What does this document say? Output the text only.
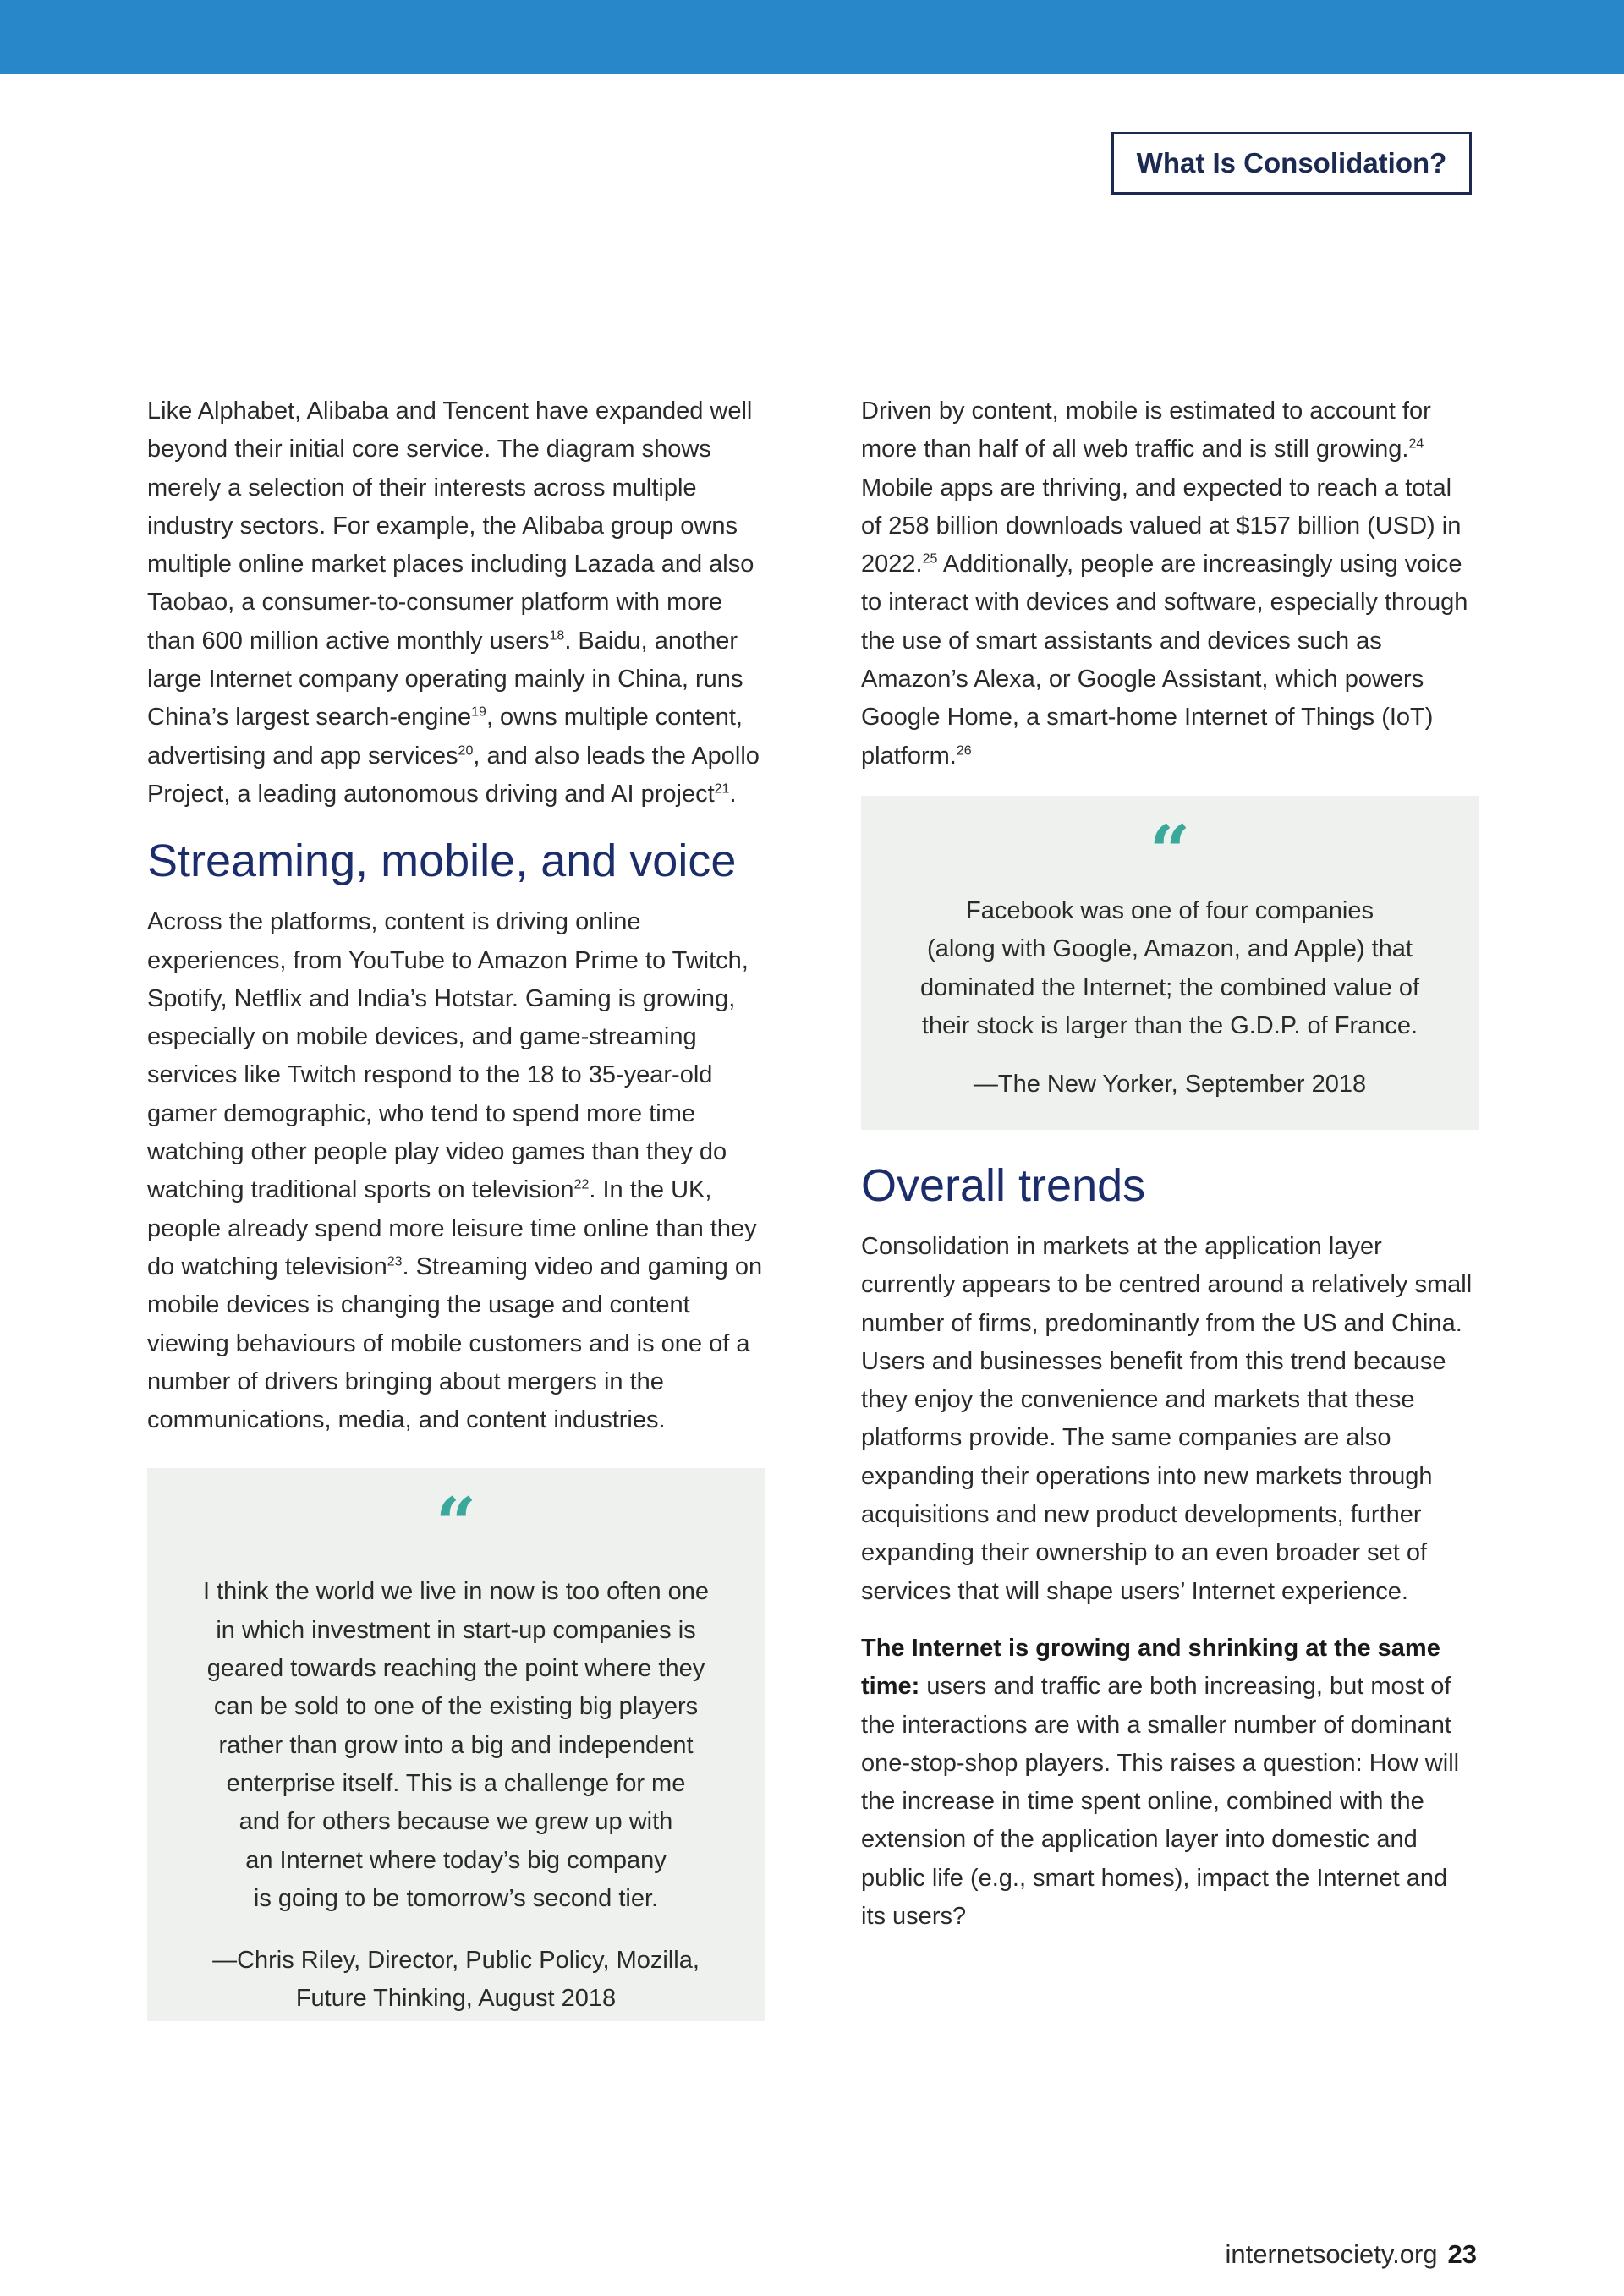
What Is Consolidation?

Like Alphabet, Alibaba and Tencent have expanded well beyond their initial core service. The diagram shows merely a selection of their interests across multiple industry sectors. For example, the Alibaba group owns multiple online market places including Lazada and also Taobao, a consumer-to-consumer platform with more than 600 million active monthly users$^{18}$. Baidu, another large Internet company operating mainly in China, runs China’s largest search-engine$^{19}$, owns multiple content, advertising and app services$^{20}$, and also leads the Apollo Project, a leading autonomous driving and AI project$^{21}$.

Streaming, mobile, and voice

Across the platforms, content is driving online experiences, from YouTube to Amazon Prime to Twitch, Spotify, Netflix and India’s Hotstar. Gaming is growing, especially on mobile devices, and game-streaming services like Twitch respond to the 18 to 35-year-old gamer demographic, who tend to spend more time watching other people play video games than they do watching traditional sports on television$^{22}$. In the UK, people already spend more leisure time online than they do watching television$^{23}$. Streaming video and gaming on mobile devices is changing the usage and content viewing behaviours of mobile customers and is one of a number of drivers bringing about mergers in the communications, media, and content industries.

“

I think the world we live in now is too often one
in which investment in start-up companies is
geared towards reaching the point where they
can be sold to one of the existing big players
rather than grow into a big and independent
enterprise itself. This is a challenge for me
and for others because we grew up with
an Internet where today’s big company
is going to be tomorrow’s second tier.

—Chris Riley, Director, Public Policy, Mozilla,
Future Thinking, August 2018

Driven by content, mobile is estimated to account for more than half of all web traffic and is still growing.$^{24}$ Mobile apps are thriving, and expected to reach a total of 258 billion downloads valued at $157 billion (USD) in 2022.25 Additionally, people are increasingly using voice to interact with devices and software, especially through the use of smart assistants and devices such as Amazon’s Alexa, or Google Assistant, which powers Google Home, a smart-home Internet of Things (IoT) platform.$^{26}$

“

Facebook was one of four companies
(along with Google, Amazon, and Apple) that
dominated the Internet; the combined value of
their stock is larger than the G.D.P. of France.

—The New Yorker, September 2018

Overall trends

Consolidation in markets at the application layer currently appears to be centred around a relatively small number of firms, predominantly from the US and China. Users and businesses benefit from this trend because they enjoy the convenience and markets that these platforms provide. The same companies are also expanding their operations into new markets through acquisitions and new product developments, further expanding their ownership to an even broader set of services that will shape users’ Internet experience.

The Internet is growing and shrinking at the same time: users and traffic are both increasing, but most of the interactions are with a smaller number of dominant one-stop-shop players. This raises a question: How will the increase in time spent online, combined with the extension of the application layer into domestic and public life (e.g., smart homes), impact the Internet and its users?

internetsociety.org 23
